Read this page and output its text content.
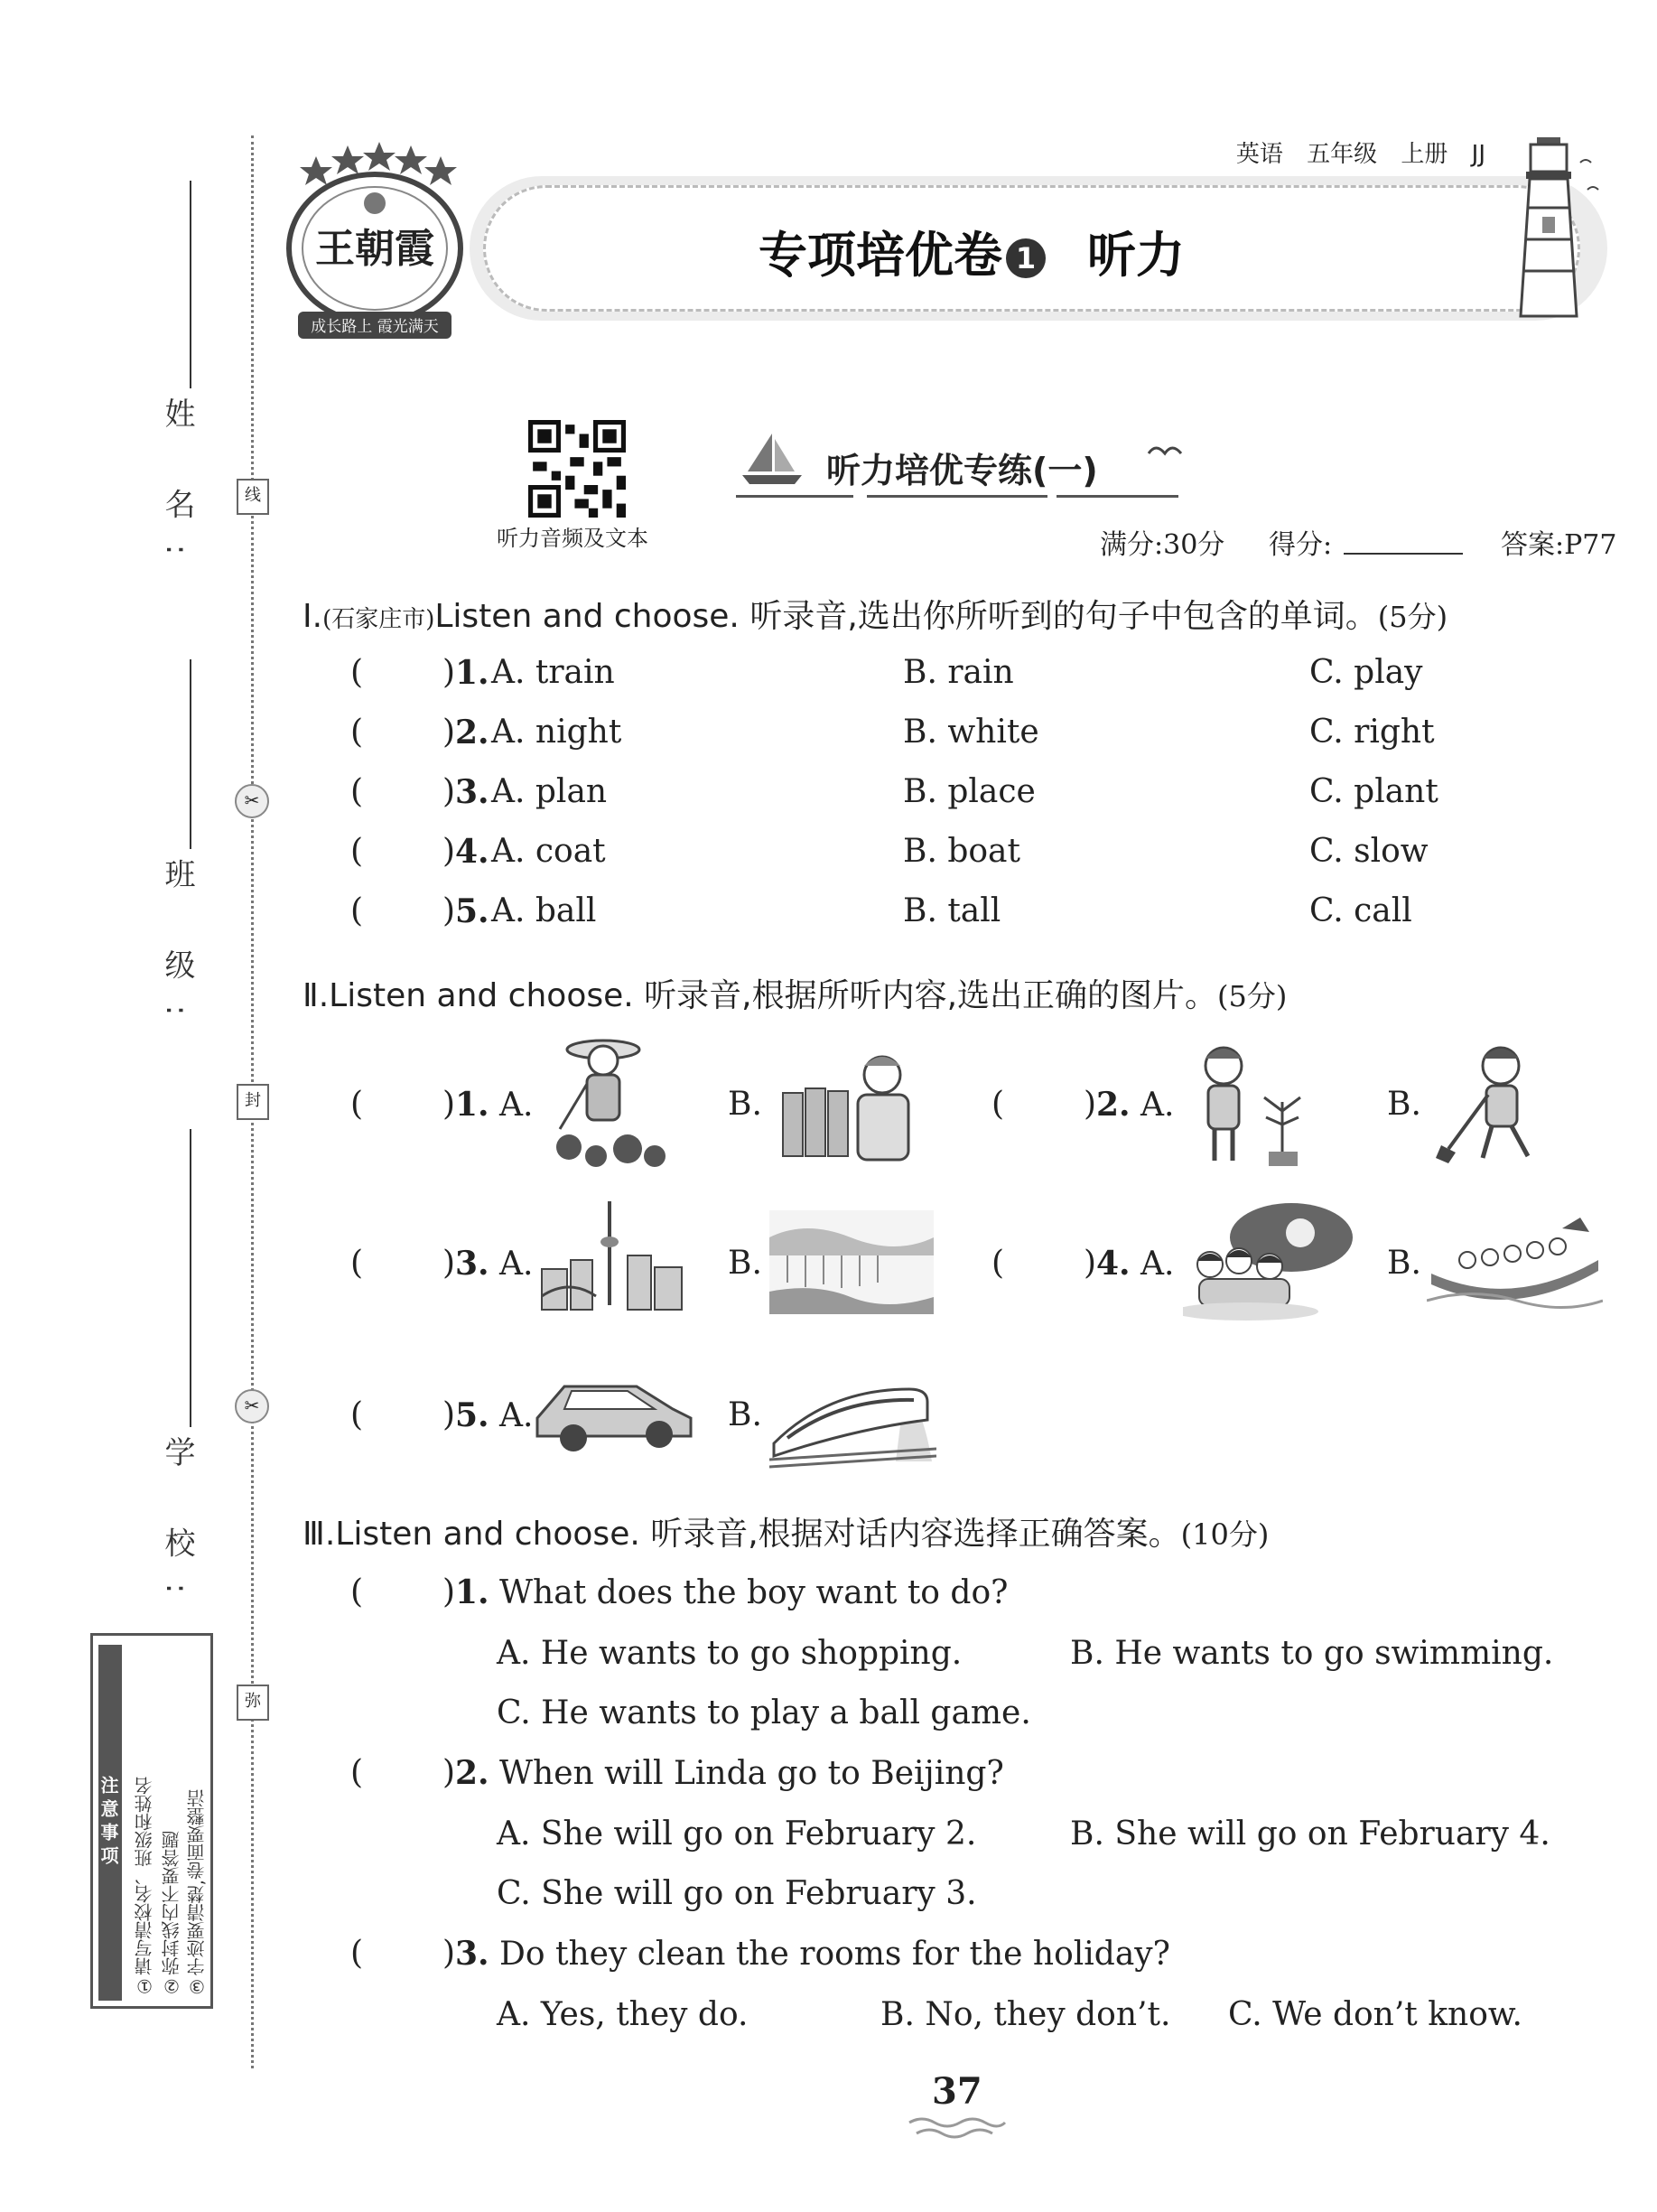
姓 名:
班 级:
学 校:
线
✂
封
✂
弥
注意事项 ①请写清校名、班级和姓名 ②弥封线内不要答题 ③字迹要清楚,卷面要整洁
英语 五年级 上册 JJ
王朝霞
成长路上 霞光满天
专项培优卷 1 听力
听力音频及文本
听力培优专练(一)
满分:30分 得分:	答案:P77
Ⅰ.(石家庄市)Listen and choose. 听录音,选出你所听到的句子中包含的单词。(5分)
( ) 1. A. train	B. rain	C. play
( ) 2. A. night	B. white	C. right
( ) 3. A. plan	B. place	C. plant
( ) 4. A. coat	B. boat	C. slow
( ) 5. A. ball	B. tall	C. call
Ⅱ.Listen and choose. 听录音,根据所听内容,选出正确的图片。(5分)
( ) 1. A.	B.	( ) 2. A.	B.
( ) 3. A.	B.	( ) 4. A.	B.
( ) 5. A.	B.
Ⅲ.Listen and choose. 听录音,根据对话内容选择正确答案。(10分)
( ) 1. What does the boy want to do?
A. He wants to go shopping.	B. He wants to go swimming.
C. He wants to play a ball game.
( ) 2. When will Linda go to Beijing?
A. She will go on February 2.	B. She will go on February 4.
C. She will go on February 3.
( ) 3. Do they clean the rooms for the holiday?
A. Yes, they do.	B. No, they don’t. C. We don’t know.
37
